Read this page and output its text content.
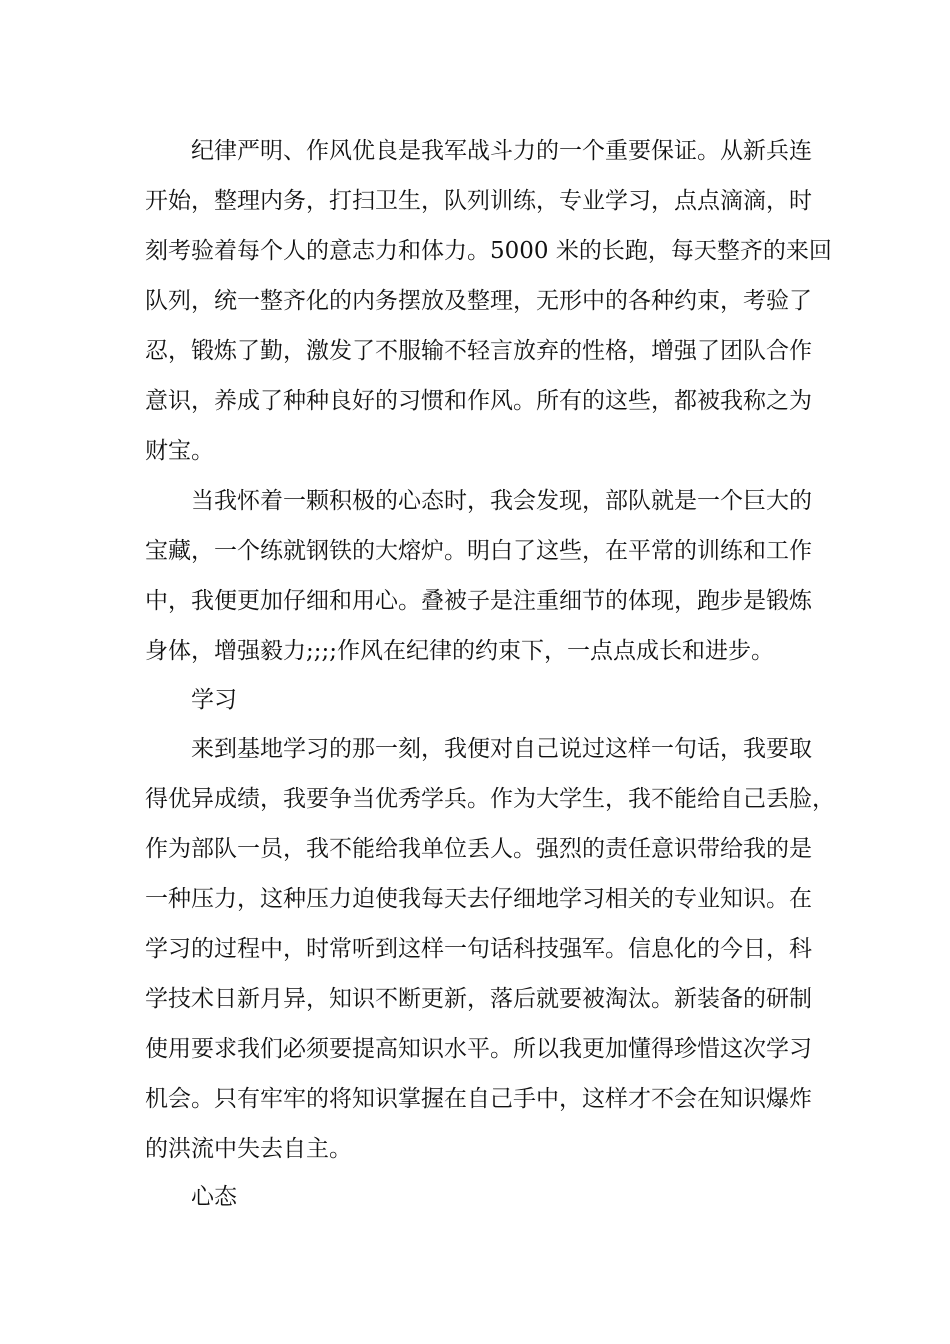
纪律严明、作风优良是我军战斗力的一个重要保证。从新兵连
开始，整理内务，打扫卫生，队列训练，专业学习，点点滴滴，时
刻考验着每个人的意志力和体力。5000 米的长跑，每天整齐的来回
队列，统一整齐化的内务摆放及整理，无形中的各种约束，考验了
忍，锻炼了勤，激发了不服输不轻言放弃的性格，增强了团队合作
意识，养成了种种良好的习惯和作风。所有的这些，都被我称之为
财宝。
当我怀着一颗积极的心态时，我会发现，部队就是一个巨大的
宝藏，一个练就钢铁的大熔炉。明白了这些，在平常的训练和工作
中，我便更加仔细和用心。叠被子是注重细节的体现，跑步是锻炼
身体，增强毅力;;;;作风在纪律的约束下，一点点成长和进步。
学习
来到基地学习的那一刻，我便对自己说过这样一句话，我要取
得优异成绩，我要争当优秀学兵。作为大学生，我不能给自己丢脸，
作为部队一员，我不能给我单位丢人。强烈的责任意识带给我的是
一种压力，这种压力迫使我每天去仔细地学习相关的专业知识。在
学习的过程中，时常听到这样一句话科技强军。信息化的今日，科
学技术日新月异，知识不断更新，落后就要被淘汰。新装备的研制
使用要求我们必须要提高知识水平。所以我更加懂得珍惜这次学习
机会。只有牢牢的将知识掌握在自己手中，这样才不会在知识爆炸
的洪流中失去自主。
心态
